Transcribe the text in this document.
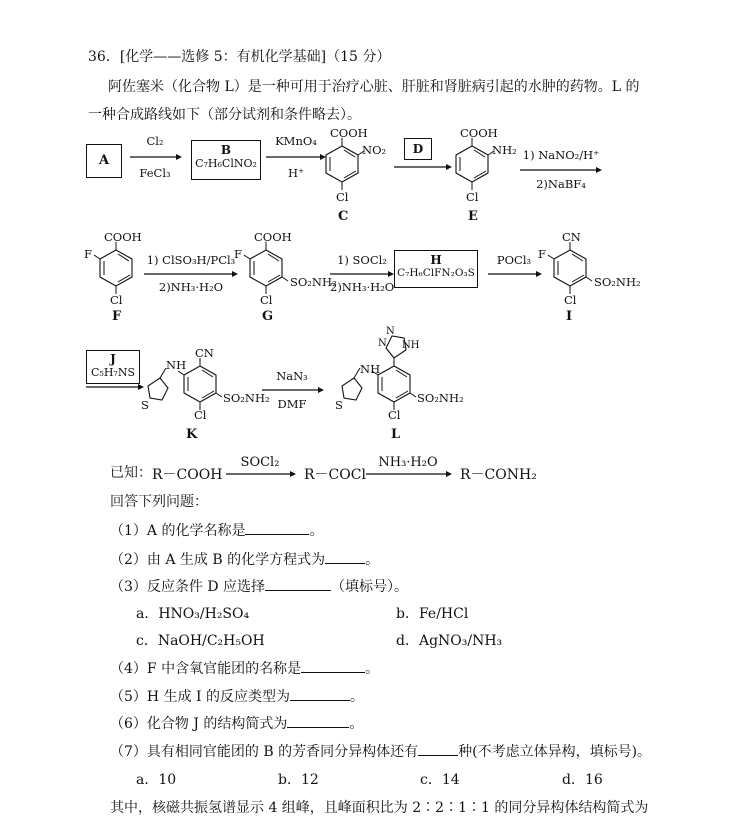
36．[化学——选修 5：有机化学基础]（15 分）
阿佐塞米（化合物 L）是一种可用于治疗心脏、肝脏和肾脏病引起的水肿的药物。L 的
一种合成路线如下（部分试剂和条件略去）。
A
Cl₂
FeCl₃
B
C₇H₆ClNO₂
KMnO₄
H⁺
COOH
NO₂
Cl
C
D
COOH
NH₂
Cl
E
1) NaNO₂/H⁺
2)NaBF₄
COOH
F
Cl
F
1) ClSO₃H/PCl₃
2)NH₃·H₂O
COOH
F
SO₂NH₂
Cl
G
1) SOCl₂
2)NH₃·H₂O
H
C₇H₆ClFN₂O₃S
POCl₃
CN
F
SO₂NH₂
Cl
I
J
C₅H₇NS
NH
CN
SO₂NH₂
Cl
S
K
NaN₃
DMF
N
N NH
NH
SO₂NH₂
Cl
S
L
已知： R－COOH
SOCl₂
R－COCl
NH₃·H₂O
R－CONH₂
回答下列问题：
（1）A 的化学名称是	。
（2）由 A 生成 B 的化学方程式为	。
（3）反应条件 D 应选择	（填标号）。
a．HNO₃/H₂SO₄	b．Fe/HCl
c．NaOH/C₂H₅OH	d．AgNO₃/NH₃
（4）F 中含氧官能团的名称是	。
（5）H 生成 I 的反应类型为	。
（6）化合物 J 的结构简式为	。
（7）具有相同官能团的 B 的芳香同分异构体还有	种(不考虑立体异构，填标号)。
a．10	b．12	c．14	d．16
其中，核磁共振氢谱显示 4 组峰，且峰面积比为 2∶2∶1∶1 的同分异构体结构简式为
